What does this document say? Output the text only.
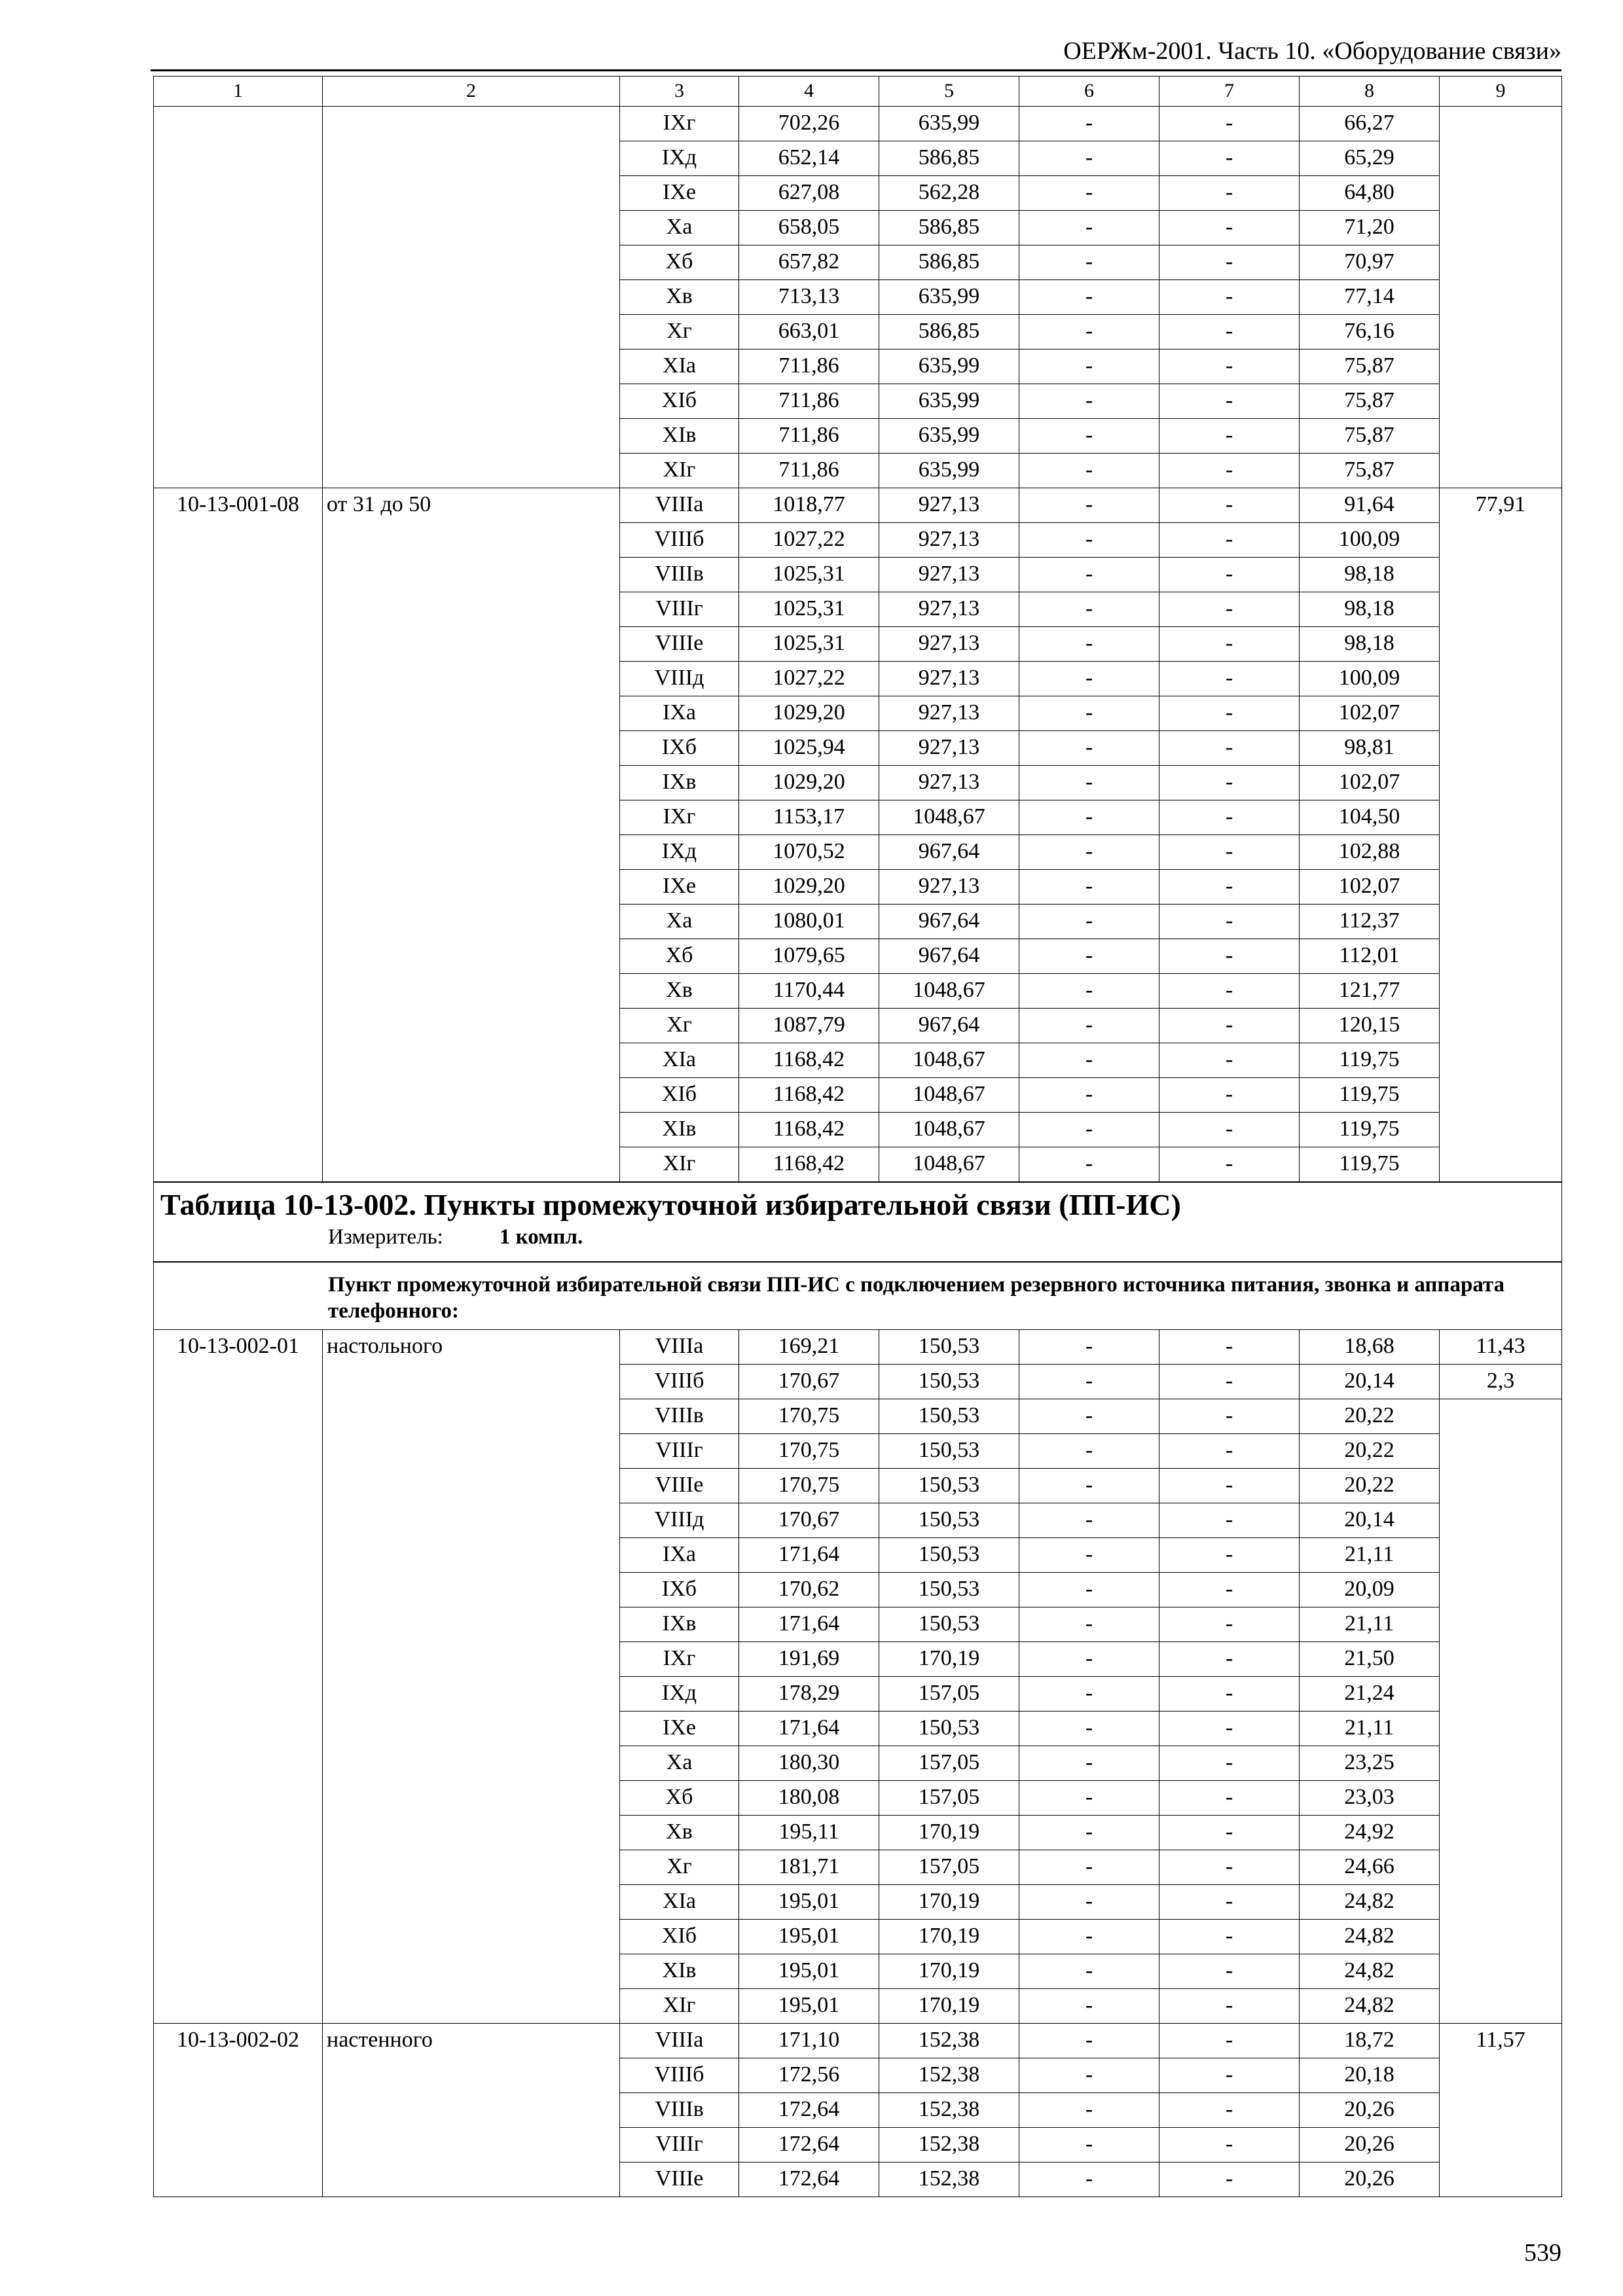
ОЕРЖм-2001. Часть 10. «Оборудование связи»
1	2	3	4	5	6	7	8	9
		IXг	702,26	635,99	-	-	66,27	
		IXд	652,14	586,85	-	-	65,29	
		IXе	627,08	562,28	-	-	64,80	
		Xа	658,05	586,85	-	-	71,20	
		Xб	657,82	586,85	-	-	70,97	
		Xв	713,13	635,99	-	-	77,14	
		Xг	663,01	586,85	-	-	76,16	
		XIа	711,86	635,99	-	-	75,87	
		XIб	711,86	635,99	-	-	75,87	
		XIв	711,86	635,99	-	-	75,87	
		XIг	711,86	635,99	-	-	75,87	
10-13-001-08	от 31 до 50	VIIIа	1018,77	927,13	-	-	91,64	77,91
		VIIIб	1027,22	927,13	-	-	100,09	
		VIIIв	1025,31	927,13	-	-	98,18	
		VIIIг	1025,31	927,13	-	-	98,18	
		VIIIе	1025,31	927,13	-	-	98,18	
		VIIIд	1027,22	927,13	-	-	100,09	
		IXа	1029,20	927,13	-	-	102,07	
		IXб	1025,94	927,13	-	-	98,81	
		IXв	1029,20	927,13	-	-	102,07	
		IXг	1153,17	1048,67	-	-	104,50	
		IXд	1070,52	967,64	-	-	102,88	
		IXе	1029,20	927,13	-	-	102,07	
		Xа	1080,01	967,64	-	-	112,37	
		Xб	1079,65	967,64	-	-	112,01	
		Xв	1170,44	1048,67	-	-	121,77	
		Xг	1087,79	967,64	-	-	120,15	
		XIа	1168,42	1048,67	-	-	119,75	
		XIб	1168,42	1048,67	-	-	119,75	
		XIв	1168,42	1048,67	-	-	119,75	
		XIг	1168,42	1048,67	-	-	119,75	

Таблица 10-13-002. Пункты промежуточной избирательной связи (ПП-ИС)
Измеритель: 1 компл.								

Пункт промежуточной избирательной связи ПП-ИС с подключением резервного источника питания, звонка и аппарата телефонного:								

10-13-002-01	настольного	VIIIа	169,21	150,53	-	-	18,68	11,43
		VIIIб	170,67	150,53	-	-	20,14	2,3
		VIIIв	170,75	150,53	-	-	20,22	
		VIIIг	170,75	150,53	-	-	20,22	
		VIIIе	170,75	150,53	-	-	20,22	
		VIIIд	170,67	150,53	-	-	20,14	
		IXа	171,64	150,53	-	-	21,11	
		IXб	170,62	150,53	-	-	20,09	
		IXв	171,64	150,53	-	-	21,11	
		IXг	191,69	170,19	-	-	21,50	
		IXд	178,29	157,05	-	-	21,24	
		IXе	171,64	150,53	-	-	21,11	
		Xа	180,30	157,05	-	-	23,25	
		Xб	180,08	157,05	-	-	23,03	
		Xв	195,11	170,19	-	-	24,92	
		Xг	181,71	157,05	-	-	24,66	
		XIа	195,01	170,19	-	-	24,82	
		XIб	195,01	170,19	-	-	24,82	
		XIв	195,01	170,19	-	-	24,82	
		XIг	195,01	170,19	-	-	24,82	
10-13-002-02	настенного	VIIIа	171,10	152,38	-	-	18,72	11,57
		VIIIб	172,56	152,38	-	-	20,18	
		VIIIв	172,64	152,38	-	-	20,26	
		VIIIг	172,64	152,38	-	-	20,26	
		VIIIе	172,64	152,38	-	-	20,26	
539
